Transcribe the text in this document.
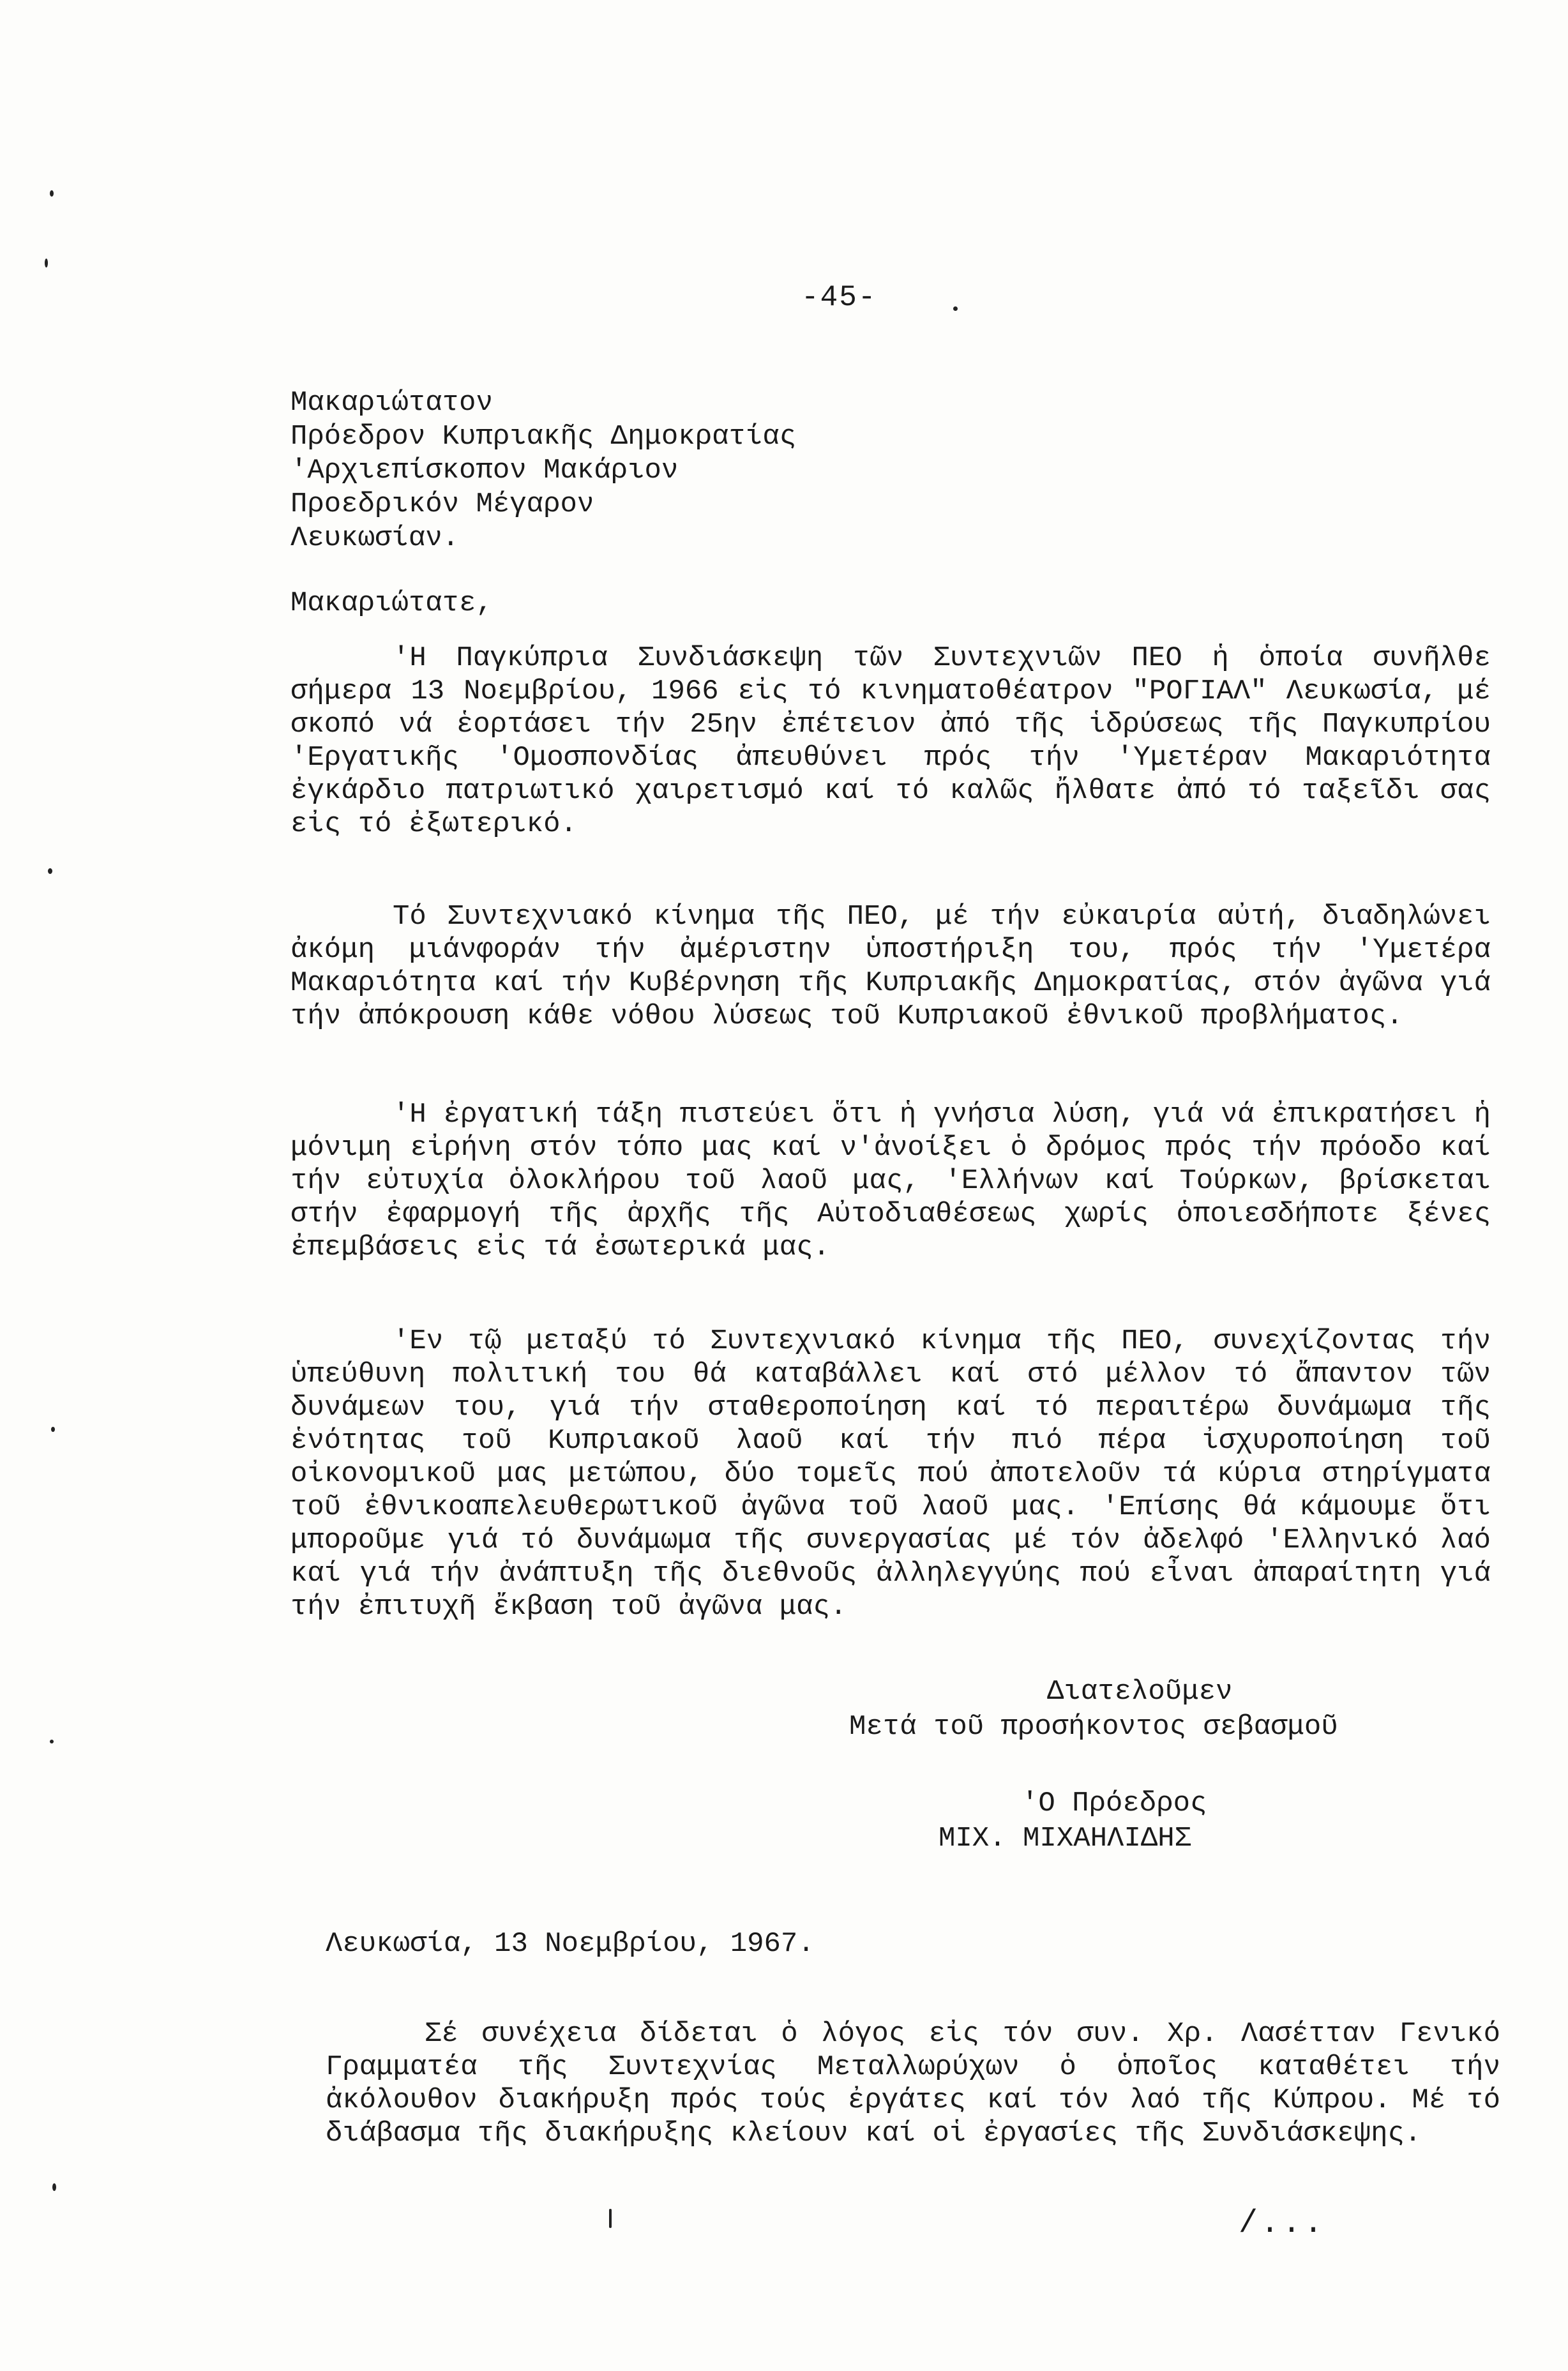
-45-
Μακαριώτατον
Πρόεδρον Κυπριακῆς Δημοκρατίας
'Αρχιεπίσκοπον Μακάριον
Προεδρικόν Μέγαρον
Λευκωσίαν.
Μακαριώτατε,

'Η Παγκύπρια Συνδιάσκεψη τῶν Συντεχνιῶν ΠΕΟ ἡ ὁποία συνῆλθε σήμερα 13 Νοεμβρίου, 1966 εἰς τό κινηματοθέατρον "ΡΟΓΙΑΛ" Λευκωσία, μέ σκοπό νά ἑορτάσει τήν 25ην ἐπέτειον ἀπό τῆς ἱδρύσεως τῆς Παγκυπρίου 'Εργατικῆς 'Ομοσπονδίας ἀπευθύνει πρός τήν 'Υμετέραν Μακαριότητα ἐγκάρδιο πατριωτικό χαιρετισμό καί τό καλῶς ἤλθατε ἀπό τό ταξεῖδι σας εἰς τό ἐξωτερικό.

Τό Συντεχνιακό κίνημα τῆς ΠΕΟ, μέ τήν εὐκαιρία αὐτή, διαδηλώνει ἀκόμη μιάνφοράν τήν ἀμέριστην ὑποστήριξη του, πρός τήν 'Υμετέρα Μακαριότητα καί τήν Κυβέρνηση τῆς Κυπριακῆς Δημοκρατίας, στόν ἀγῶνα γιά τήν ἀπόκρουση κάθε νόθου λύσεως τοῦ Κυπριακοῦ ἐθνικοῦ προβλήματος.

'Η ἐργατική τάξη πιστεύει ὅτι ἡ γνήσια λύση, γιά νά ἐπικρατήσει ἡ μόνιμη εἰρήνη στόν τόπο μας καί ν'ἀνοίξει ὁ δρόμος πρός τήν πρόοδο καί τήν εὐτυχία ὁλοκλήρου τοῦ λαοῦ μας, 'Ελλήνων καί Τούρκων, βρίσκεται στήν ἐφαρμογή τῆς ἀρχῆς τῆς Αὐτοδιαθέσεως χωρίς ὁποιεσδήποτε ξένες ἐπεμβάσεις εἰς τά ἐσωτερικά μας.

'Εν τῷ μεταξύ τό Συντεχνιακό κίνημα τῆς ΠΕΟ, συνεχίζοντας τήν ὑπεύθυνη πολιτική του θά καταβάλλει καί στό μέλλον τό ἄπαντον τῶν δυνάμεων του, γιά τήν σταθεροποίηση καί τό περαιτέρω δυνάμωμα τῆς ἑνότητας τοῦ Κυπριακοῦ λαοῦ καί τήν πιό πέρα ἰσχυροποίηση τοῦ οἰκονομικοῦ μας μετώπου, δύο τομεῖς πού ἀποτελοῦν τά κύρια στηρίγματα τοῦ ἐθνικοαπελευθερωτικοῦ ἀγῶνα τοῦ λαοῦ μας. 'Επίσης θά κάμουμε ὅτι μποροῦμε γιά τό δυνάμωμα τῆς συνεργασίας μέ τόν ἀδελφό 'Ελληνικό λαό καί γιά τήν ἀνάπτυξη τῆς διεθνοῦς ἀλληλεγγύης πού εἶναι ἀπαραίτητη γιά τήν ἐπιτυχῆ ἔκβαση τοῦ ἀγῶνα μας.

Διατελοῦμεν
Μετά τοῦ προσήκοντος σεβασμοῦ
'Ο Πρόεδρος
ΜΙΧ. ΜΙΧΑΗΛΙΔΗΣ
Λευκωσία, 13 Νοεμβρίου, 1967.

Σέ συνέχεια δίδεται ὁ λόγος εἰς τόν συν. Χρ. Λασέτταν Γενικό Γραμματέα τῆς Συντεχνίας Μεταλλωρύχων ὁ ὁποῖος καταθέτει τήν ἀκόλουθον διακήρυξη πρός τούς ἐργάτες καί τόν λαό τῆς Κύπρου. Μέ τό διάβασμα τῆς διακήρυξης κλείουν καί οἱ ἐργασίες τῆς Συνδιάσκεψης.

/...
